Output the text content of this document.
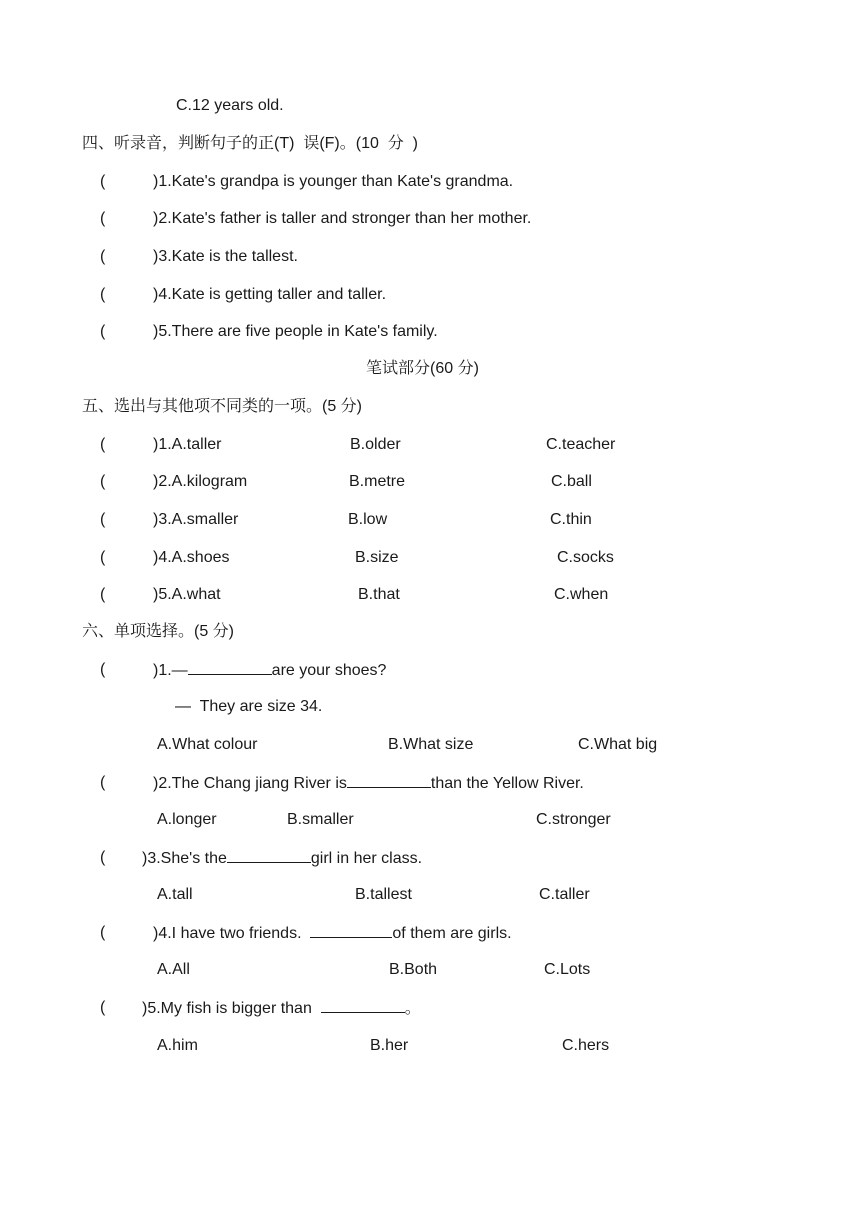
C.12 years old.
四、听录音，判断句子的正(T)  误(F)。(10  分  )
(	)1.Kate's grandpa is younger than Kate's grandma.
(	)2.Kate's father is taller and stronger than her mother.
(	)3.Kate is the tallest.
(	)4.Kate is getting taller and taller.
(	)5.There are five people in Kate's family.
笔试部分(60 分)
五、选出与其他项不同类的一项。(5 分)
(	)1.A.taller	B.older	C.teacher
(	)2.A.kilogram	B.metre	C.ball
(	)3.A.smaller	B.low	C.thin
(	)4.A.shoes	B.size	C.socks
(	)5.A.what	B.that	C.when
六、单项选择。(5 分)
(	)1.—	are your shoes?
—  They are size 34.
A.What colour	B.What size	C.What big
(	)2.The Chang jiang River is	than the Yellow River.
A.longer	B.smaller	C.stronger
( )3.She's the	girl in her class.
A.tall	B.tallest	C.taller
(	)4.I have two friends.	of them are girls.
A.All	B.Both	C.Lots
( )5.My fish is bigger than	。
A.him	B.her	C.hers
